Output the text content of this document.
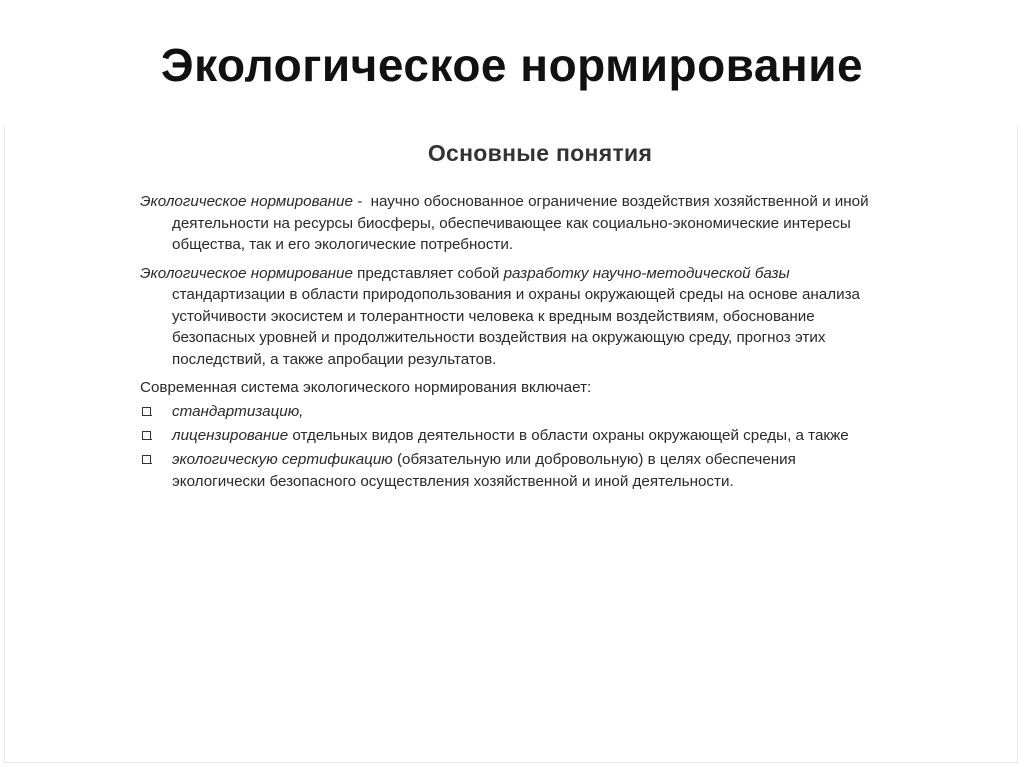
Экологическое нормирование
Основные понятия

Экологическое нормирование -  научно обоснованное ограничение воздействия хозяйственной и иной деятельности на ресурсы биосферы, обеспечивающее как социально-экономические интересы общества, так и его экологические потребности.

Экологическое нормирование представляет собой разработку научно-методической базы стандартизации в области природопользования и охраны окружающей среды на основе анализа устойчивости экосистем и толерантности человека к вредным воздействиям, обоснование безопасных уровней и продолжительности воздействия на окружающую среду, прогноз этих последствий, а также апробации результатов.

Современная система экологического нормирования включает:

стандартизацию,
лицензирование отдельных видов деятельности в области охраны окружающей среды, а также
экологическую сертификацию (обязательную или добровольную) в целях обеспечения экологически безопасного осуществления хозяйственной и иной деятельности.
